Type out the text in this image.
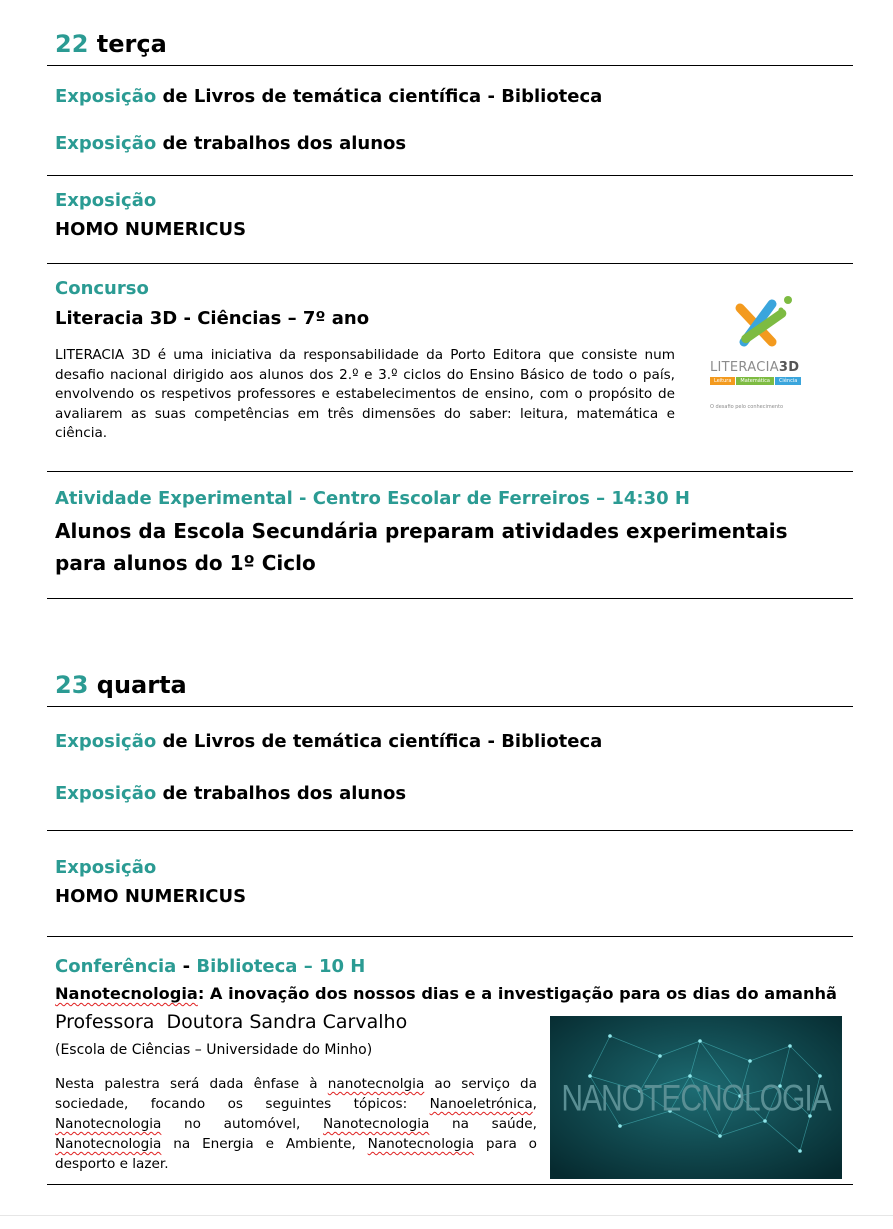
22 terça
Exposição de Livros de temática científica - Biblioteca
Exposição de trabalhos dos alunos
Exposição
HOMO NUMERICUS
Concurso
Literacia 3D - Ciências – 7º ano
LITERACIA 3D é uma iniciativa da responsabilidade da Porto Editora que consiste num desafio nacional dirigido aos alunos dos 2.º e 3.º ciclos do Ensino Básico de todo o país, envolvendo os respetivos professores e estabelecimentos de ensino, com o propósito de avaliarem as suas competências em três dimensões do saber: leitura, matemática e ciência.
LITERACIA3D
Leitura	Matemática	Ciência
O desafio pelo conhecimento
Atividade Experimental - Centro Escolar de Ferreiros – 14:30 H
Alunos da Escola Secundária preparam atividades experimentais para alunos do 1º Ciclo
23 quarta
Exposição de Livros de temática científica - Biblioteca
Exposição de trabalhos dos alunos
Exposição
HOMO NUMERICUS
Conferência - Biblioteca – 10 H
Nanotecnologia: A inovação dos nossos dias e a investigação para os dias do amanhã
Professora  Doutora Sandra Carvalho
(Escola de Ciências – Universidade do Minho)
Nesta palestra será dada ênfase à nanotecnolgia ao serviço da sociedade, focando os seguintes tópicos: Nanoeletrónica, Nanotecnologia no automóvel, Nanotecnologia na saúde, Nanotecnologia na Energia e Ambiente, Nanotecnologia para o desporto e lazer.
NANOTECNOLOGIA
